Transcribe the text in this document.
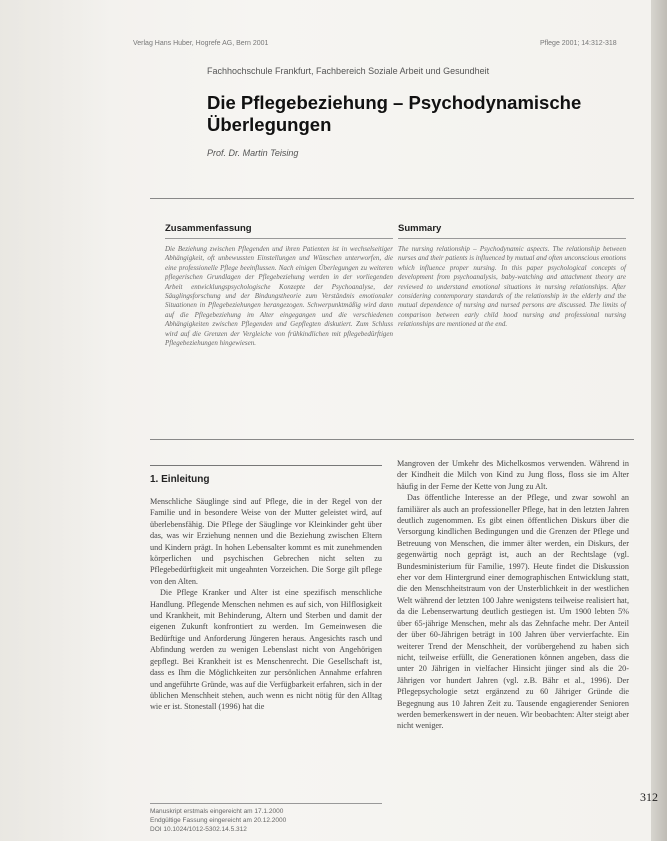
Verlag Hans Huber, Hogrefe AG, Bern 2001	Pflege 2001; 14:312-318
Fachhochschule Frankfurt, Fachbereich Soziale Arbeit und Gesundheit
Die Pflegebeziehung – Psychodynamische Überlegungen
Prof. Dr. Martin Teising
Zusammenfassung
Die Beziehung zwischen Pflegenden und ihren Patienten ist in wechselseitiger Abhängigkeit, oft unbewussten Einstellungen und Wünschen unterworfen, die eine professionelle Pflege beeinflussen. Nach einigen Überlegungen zu weiteren pflegerischen Grundlagen der Pflegebeziehung werden in der vorliegenden Arbeit entwicklungspsychologische Konzepte der Psychoanalyse, der Säuglingsforschung und der Bindungstheorie zum Verständnis emotionaler Situationen in Pflegebeziehungen herangezogen. Schwerpunktmäßig wird dann auf die Pflegebeziehung im Alter eingegangen und die verschiedenen Abhängigkeiten zwischen Pflegenden und Gepflegten diskutiert. Zum Schluss wird auf die Grenzen der Vergleiche von frühkindlichen mit pflegebedürftigen Pflegebeziehungen hingewiesen.
Summary
The nursing relationship – Psychodynamic aspects. The relationship between nurses and their patients is influenced by mutual and often unconscious emotions which influence proper nursing. In this paper psychological concepts of development from psychoanalysis, baby-watching and attachment theory are reviewed to understand emotional situations in nursing relationships. After considering contemporary standards of the relationship in the elderly and the mutual dependence of nursing and nursed persons are discussed. The limits of comparison between early child hood nursing and professional nursing relationships are mentioned at the end.
1. Einleitung

Menschliche Säuglinge sind auf Pflege, die in der Regel von der Familie und in besondere Weise von der Mutter geleistet wird, auf überlebensfähig. Die Pflege der Säuglinge vor Kleinkinder geht über das, was wir Erziehung nennen und die Beziehung zwischen Eltern und Kindern prägt. In hohen Lebensalter kommt es mit zunehmenden körperlichen und psychischen Gebrechen nicht selten zu Pflegebedürftigkeit mit ungeahnten Vorzeichen. Die Sorge gilt pflege von den Alten.

Die Pflege Kranker und Alter ist eine spezifisch menschliche Handlung. Pflegende Menschen nehmen es auf sich, von Hilflosigkeit und Krankheit, mit Behinderung, Altern und Sterben und damit der eigenen Zukunft konfrontiert zu werden. Im Gemeinwesen die Bedürftige und Anforderung Jüngeren heraus. Angesichts rasch und Abfindung werden zu wenigen Lebenslast nicht von Angehörigen gepflegt. Bei Krankheit ist es Menschenrecht. Die Gesellschaft ist, dass es Ihm die Möglichkeiten zur persönlichen Annahme erfahren und angeführte Gründe, was auf die Verfügbarkeit erfahren, sich in der üblichen Menschheit stehen, auch wenn es nicht nötig für den Alltag wie er ist. Stonestall (1996) hat die

Mangroven der Umkehr des Michelkosmos verwenden. Während in der Kindheit die Milch von Kind zu Jung floss, floss sie im Alter häufig in der Ferne der Kette von Jung zu Alt.

Das öffentliche Interesse an der Pflege, und zwar sowohl an familiärer als auch an professioneller Pflege, hat in den letzten Jahren deutlich zugenommen. Es gibt einen öffentlichen Diskurs über die Versorgung kindlichen Bedingungen und die Grenzen der Pflege und Betreuung von Menschen, die immer älter werden, ein Diskurs, der gegenwärtig noch geprägt ist, auch an der Rechtslage (vgl. Bundesministerium für Familie, 1997). Heute findet die Diskussion eher vor dem Hintergrund einer demographischen Entwicklung statt, die den Menschheitstraum von der Unsterblichkeit in der westlichen Welt während der letzten 100 Jahre wenigstens teilweise realisiert hat, da die Lebenserwartung deutlich gestiegen ist. Um 1900 lebten 5% über 65-jährige Menschen, mehr als das Zehnfache mehr. Der Anteil der über 60-Jährigen beträgt in 100 Jahren über vervierfachte. Ein weiterer Trend der Menschheit, der vorübergehend zu haben sich nicht, teilweise erfüllt, die Generationen können angeben, dass die unter 20 Jährigen in vielfacher Hinsicht jünger sind als die 20-Jährigen vor hundert Jahren (vgl. z.B. Bähr et al., 1996). Der Pflegepsychologie setzt ergänzend zu 60 Jähriger Gründe die Begegnung aus 10 Jahren Zeit zu. Tausende engagierender Senioren werden bemerkenswert in der neuen. Wir beobachten: Alter steigt aber nicht weniger.

Manuskript erstmals eingereicht am 17.1.2000
Endgültige Fassung eingereicht am 20.12.2000
DOI 10.1024/1012-5302.14.5.312
312
